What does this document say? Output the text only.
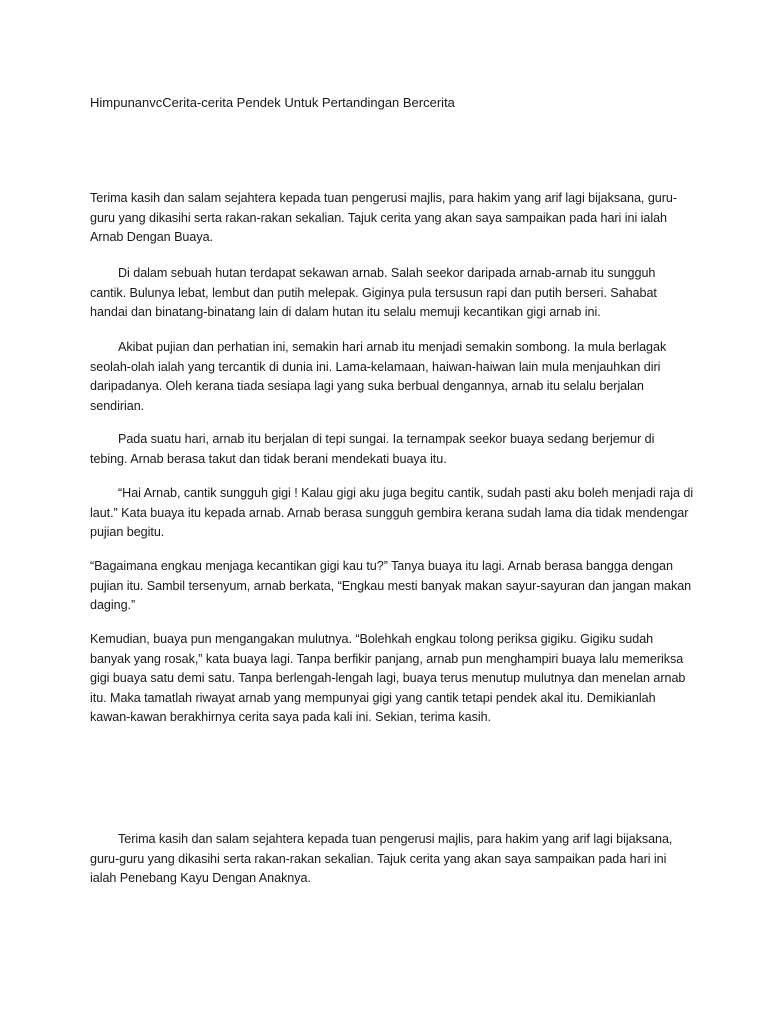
HimpunanvcCerita-cerita Pendek Untuk Pertandingan Bercerita

Terima kasih dan salam sejahtera kepada tuan pengerusi majlis, para hakim yang arif lagi bijaksana, guru-guru yang dikasihi serta rakan-rakan sekalian. Tajuk cerita yang akan saya sampaikan pada hari ini ialah Arnab Dengan Buaya.

Di dalam sebuah hutan terdapat sekawan arnab. Salah seekor daripada arnab-arnab itu sungguh cantik. Bulunya lebat, lembut dan putih melepak. Giginya pula tersusun rapi dan putih berseri. Sahabat handai dan binatang-binatang lain di dalam hutan itu selalu memuji kecantikan gigi arnab ini.

Akibat pujian dan perhatian ini, semakin hari arnab itu menjadi semakin sombong. Ia mula berlagak seolah-olah ialah yang tercantik di dunia ini. Lama-kelamaan, haiwan-haiwan lain mula menjauhkan diri daripadanya. Oleh kerana tiada sesiapa lagi yang suka berbual dengannya, arnab itu selalu berjalan sendirian.

Pada suatu hari, arnab itu berjalan di tepi sungai. Ia ternampak seekor buaya sedang berjemur di tebing. Arnab berasa takut dan tidak berani mendekati buaya itu.

“Hai Arnab, cantik sungguh gigi ! Kalau gigi aku juga begitu cantik, sudah pasti aku boleh menjadi raja di laut.” Kata buaya itu kepada arnab. Arnab berasa sungguh gembira kerana sudah lama dia tidak mendengar pujian begitu.

“Bagaimana engkau menjaga kecantikan gigi kau tu?” Tanya buaya itu lagi. Arnab berasa bangga dengan pujian itu. Sambil tersenyum, arnab berkata, “Engkau mesti banyak makan sayur-sayuran dan jangan makan daging.”

Kemudian, buaya pun mengangakan mulutnya. “Bolehkah engkau tolong periksa gigiku. Gigiku sudah banyak yang rosak,” kata buaya lagi. Tanpa berfikir panjang, arnab pun menghampiri buaya lalu memeriksa gigi buaya satu demi satu. Tanpa berlengah-lengah lagi, buaya terus menutup mulutnya dan menelan arnab itu. Maka tamatlah riwayat arnab yang mempunyai gigi yang cantik tetapi pendek akal itu. Demikianlah kawan-kawan berakhirnya cerita saya pada kali ini. Sekian, terima kasih.

Terima kasih dan salam sejahtera kepada tuan pengerusi majlis, para hakim yang arif lagi bijaksana, guru-guru yang dikasihi serta rakan-rakan sekalian. Tajuk cerita yang akan saya sampaikan pada hari ini ialah Penebang Kayu Dengan Anaknya.
